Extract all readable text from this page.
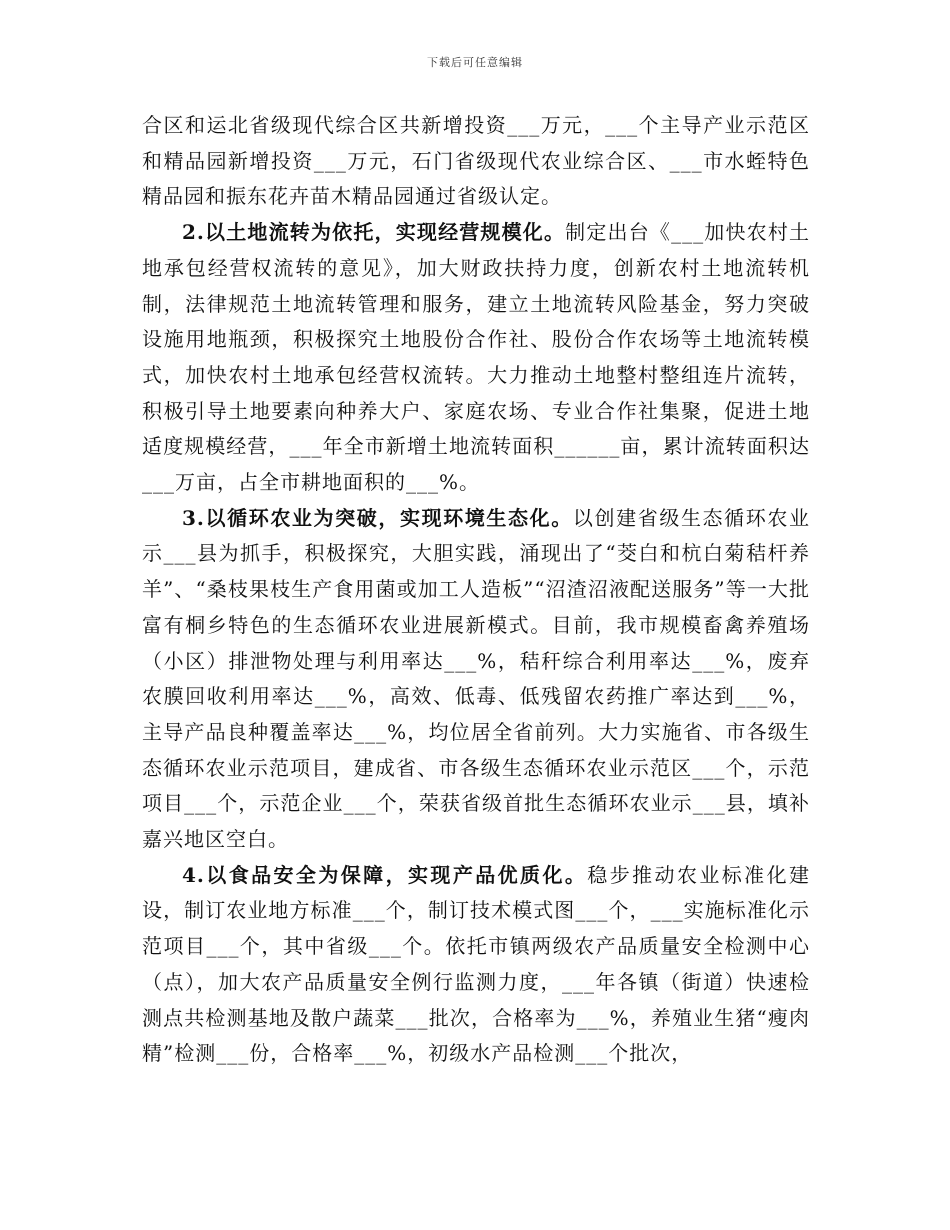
下载后可任意编辑

合区和运北省级现代综合区共新增投资___万元，___个主导产业示范区和精品园新增投资___万元，石门省级现代农业综合区、___市水蛭特色精品园和振东花卉苗木精品园通过省级认定。

2.以土地流转为依托，实现经营规模化。制定出台《___加快农村土地承包经营权流转的意见》，加大财政扶持力度，创新农村土地流转机制，法律规范土地流转管理和服务，建立土地流转风险基金，努力突破设施用地瓶颈，积极探究土地股份合作社、股份合作农场等土地流转模式，加快农村土地承包经营权流转。大力推动土地整村整组连片流转，积极引导土地要素向种养大户、家庭农场、专业合作社集聚，促进土地适度规模经营，___年全市新增土地流转面积______亩，累计流转面积达___万亩，占全市耕地面积的___%。

3.以循环农业为突破，实现环境生态化。以创建省级生态循环农业示___县为抓手，积极探究，大胆实践，涌现出了“茭白和杭白菊秸杆养羊”、“桑枝果枝生产食用菌或加工人造板”“沼渣沼液配送服务”等一大批富有桐乡特色的生态循环农业进展新模式。目前，我市规模畜禽养殖场（小区）排泄物处理与利用率达___%，秸秆综合利用率达___%，废弃农膜回收利用率达___%，高效、低毒、低残留农药推广率达到___%，主导产品良种覆盖率达___%，均位居全省前列。大力实施省、市各级生态循环农业示范项目，建成省、市各级生态循环农业示范区___个，示范项目___个，示范企业___个，荣获省级首批生态循环农业示___县，填补嘉兴地区空白。

4.以食品安全为保障，实现产品优质化。稳步推动农业标准化建设，制订农业地方标准___个，制订技术模式图___个，___实施标准化示范项目___个，其中省级___个。依托市镇两级农产品质量安全检测中心（点），加大农产品质量安全例行监测力度，___年各镇（街道）快速检测点共检测基地及散户蔬菜___批次，合格率为___%，养殖业生猪“瘦肉精”检测___份，合格率___%，初级水产品检测___个批次，
